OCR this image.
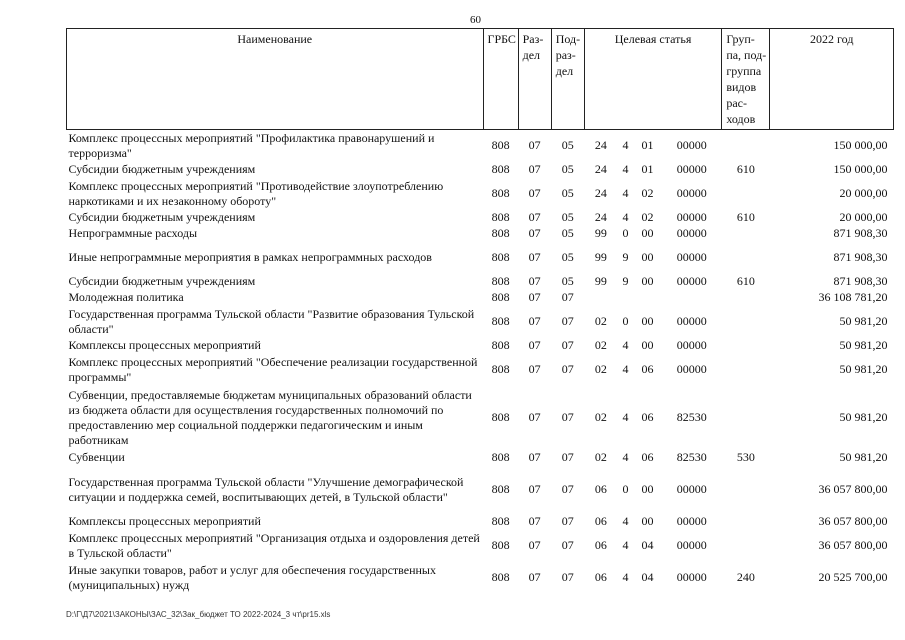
60
Наименование	ГРБС	Раз-дел	Под-раз-дел	Целевая статья				Груп-па, под-группа видов рас-ходов	2022 год
Комплекс процессных мероприятий "Профилактика правонарушений и терроризма"	808	07	05	24	4	01	00000		150 000,00
Субсидии бюджетным учреждениям	808	07	05	24	4	01	00000	610	150 000,00
Комплекс процессных мероприятий "Противодействие злоупотреблению наркотиками и их незаконному обороту"	808	07	05	24	4	02	00000		20 000,00
Субсидии бюджетным учреждениям	808	07	05	24	4	02	00000	610	20 000,00
Непрограммные расходы	808	07	05	99	0	00	00000		871 908,30
Иные непрограммные мероприятия в рамках непрограммных расходов	808	07	05	99	9	00	00000		871 908,30
Субсидии бюджетным учреждениям	808	07	05	99	9	00	00000	610	871 908,30
Молодежная политика	808	07	07						36 108 781,20
Государственная программа Тульской области "Развитие образования Тульской области"	808	07	07	02	0	00	00000		50 981,20
Комплексы процессных мероприятий	808	07	07	02	4	00	00000		50 981,20
Комплекс процессных мероприятий "Обеспечение реализации государственной программы"	808	07	07	02	4	06	00000		50 981,20
Субвенции, предоставляемые бюджетам муниципальных образований области из бюджета области для осуществления государственных полномочий по предоставлению мер социальной поддержки педагогическим и иным работникам	808	07	07	02	4	06	82530		50 981,20
Субвенции	808	07	07	02	4	06	82530	530	50 981,20
Государственная программа Тульской области "Улучшение демографической ситуации и поддержка семей, воспитывающих детей, в Тульской области"	808	07	07	06	0	00	00000		36 057 800,00
Комплексы процессных мероприятий	808	07	07	06	4	00	00000		36 057 800,00
Комплекс процессных мероприятий "Организация отдыха и оздоровления детей в Тульской области"	808	07	07	06	4	04	00000		36 057 800,00
Иные закупки товаров, работ и услуг для обеспечения государственных (муниципальных) нужд	808	07	07	06	4	04	00000	240	20 525 700,00
D:\Г\Д7\2021\ЗАКОНЫ\ЗАС_32\Зак_бюджет ТО 2022-2024_3 чт\pr15.xls
